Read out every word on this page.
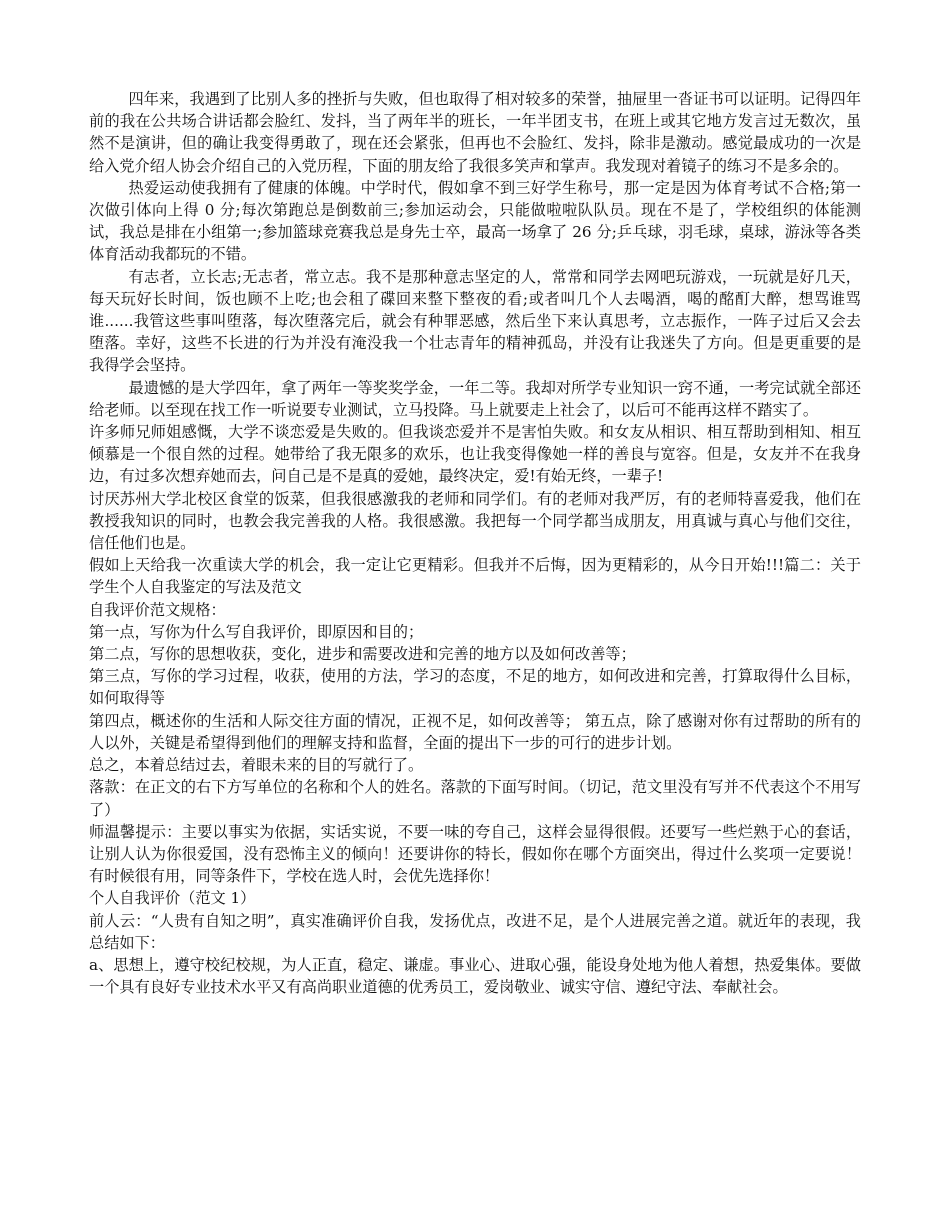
四年来，我遇到了比别人多的挫折与失败，但也取得了相对较多的荣誉，抽屉里一沓证书可以证明。记得四年前的我在公共场合讲话都会脸红、发抖，当了两年半的班长，一年半团支书，在班上或其它地方发言过无数次，虽然不是演讲，但的确让我变得勇敢了，现在还会紧张，但再也不会脸红、发抖，除非是激动。感觉最成功的一次是给入党介绍人协会介绍自己的入党历程，下面的朋友给了我很多笑声和掌声。我发现对着镜子的练习不是多余的。

热爱运动使我拥有了健康的体魄。中学时代，假如拿不到三好学生称号，那一定是因为体育考试不合格;第一次做引体向上得 0 分;每次第跑总是倒数前三;参加运动会，只能做啦啦队队员。现在不是了，学校组织的体能测试，我总是排在小组第一;参加篮球竞赛我总是身先士卒，最高一场拿了 26 分;乒乓球，羽毛球，桌球，游泳等各类体育活动我都玩的不错。

有志者，立长志;无志者，常立志。我不是那种意志坚定的人，常常和同学去网吧玩游戏，一玩就是好几天，每天玩好长时间，饭也顾不上吃;也会租了碟回来整下整夜的看;或者叫几个人去喝酒，喝的酩酊大醉，想骂谁骂谁......我管这些事叫堕落，每次堕落完后，就会有种罪恶感，然后坐下来认真思考，立志振作，一阵子过后又会去堕落。幸好，这些不长进的行为并没有淹没我一个壮志青年的精神孤岛，并没有让我迷失了方向。但是更重要的是我得学会坚持。

最遗憾的是大学四年，拿了两年一等奖奖学金，一年二等。我却对所学专业知识一窍不通，一考完试就全部还给老师。以至现在找工作一听说要专业测试，立马投降。马上就要走上社会了，以后可不能再这样不踏实了。

许多师兄师姐感慨，大学不谈恋爱是失败的。但我谈恋爱并不是害怕失败。和女友从相识、相互帮助到相知、相互倾慕是一个很自然的过程。她带给了我无限多的欢乐，也让我变得像她一样的善良与宽容。但是，女友并不在我身边，有过多次想弃她而去，问自己是不是真的爱她，最终决定，爱!有始无终，一辈子!

讨厌苏州大学北校区食堂的饭菜，但我很感激我的老师和同学们。有的老师对我严厉，有的老师特喜爱我，他们在教授我知识的同时，也教会我完善我的人格。我很感激。我把每一个同学都当成朋友，用真诚与真心与他们交往，信任他们也是。

假如上天给我一次重读大学的机会，我一定让它更精彩。但我并不后悔，因为更精彩的，从今日开始!!!篇二：关于学生个人自我鉴定的写法及范文

自我评价范文规格：

第一点，写你为什么写自我评价，即原因和目的；

第二点，写你的思想收获，变化，进步和需要改进和完善的地方以及如何改善等；

第三点，写你的学习过程，收获，使用的方法，学习的态度，不足的地方，如何改进和完善，打算取得什么目标，如何取得等

第四点，概述你的生活和人际交往方面的情况，正视不足，如何改善等； 第五点，除了感谢对你有过帮助的所有的人以外，关键是希望得到他们的理解支持和监督，全面的提出下一步的可行的进步计划。

总之，本着总结过去，着眼未来的目的写就行了。

落款：在正文的右下方写单位的名称和个人的姓名。落款的下面写时间。（切记，范文里没有写并不代表这个不用写了）

师温馨提示：主要以事实为依据，实话实说，不要一味的夸自己，这样会显得很假。还要写一些烂熟于心的套话，让别人认为你很爱国，没有恐怖主义的倾向！还要讲你的特长，假如你在哪个方面突出，得过什么奖项一定要说！有时候很有用，同等条件下，学校在选人时，会优先选择你！

个人自我评价（范文 1）

前人云：“人贵有自知之明”，真实准确评价自我，发扬优点，改进不足，是个人进展完善之道。就近年的表现，我总结如下：

a、思想上，遵守校纪校规，为人正直，稳定、谦虚。事业心、进取心强，能设身处地为他人着想，热爱集体。要做一个具有良好专业技术水平又有高尚职业道德的优秀员工，爱岗敬业、诚实守信、遵纪守法、奉献社会。
